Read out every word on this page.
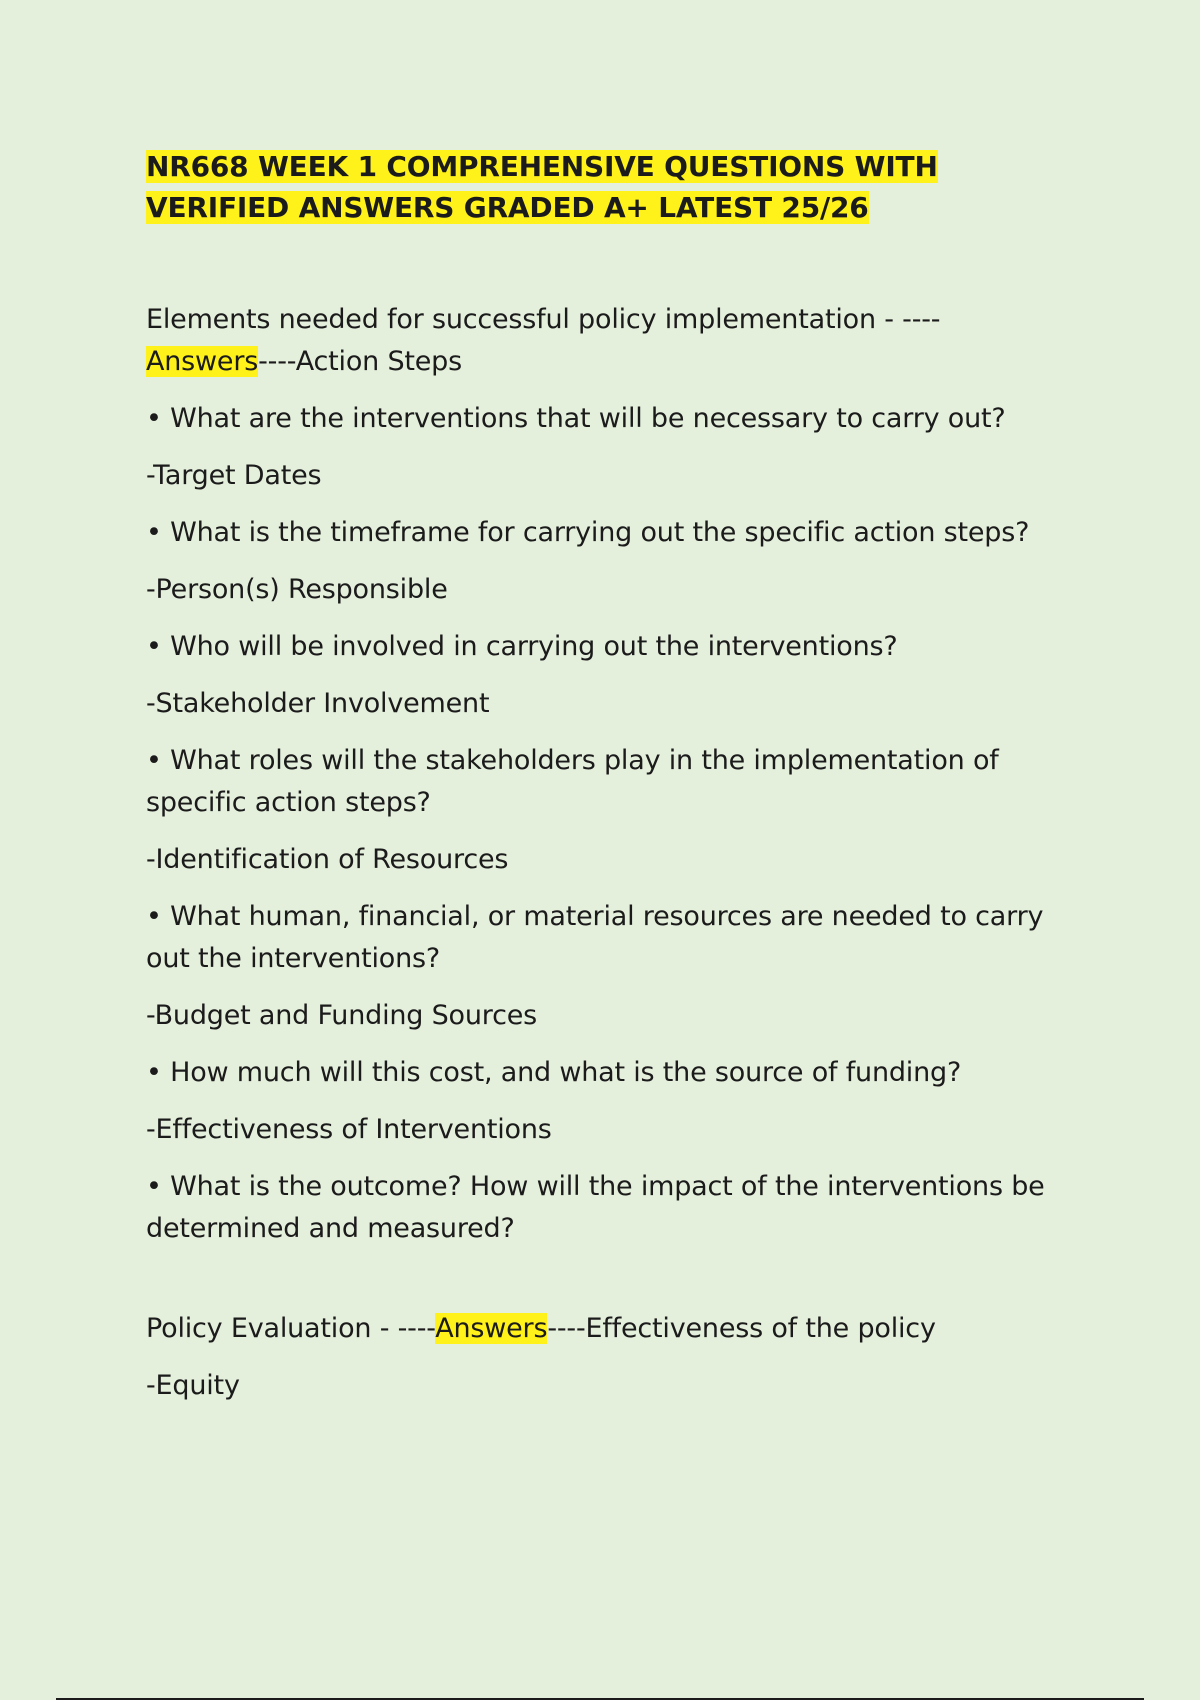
NR668 WEEK 1 COMPREHENSIVE QUESTIONS WITH VERIFIED ANSWERS GRADED A+ LATEST 25/26

Elements needed for successful policy implementation - ----
Answers----Action Steps

• What are the interventions that will be necessary to carry out?

-Target Dates

• What is the timeframe for carrying out the specific action steps?

-Person(s) Responsible

• Who will be involved in carrying out the interventions?

-Stakeholder Involvement

• What roles will the stakeholders play in the implementation of specific action steps?

-Identification of Resources

• What human, financial, or material resources are needed to carry out the interventions?

-Budget and Funding Sources

• How much will this cost, and what is the source of funding?

-Effectiveness of Interventions

• What is the outcome? How will the impact of the interventions be determined and measured?

Policy Evaluation - ----Answers----Effectiveness of the policy

-Equity
